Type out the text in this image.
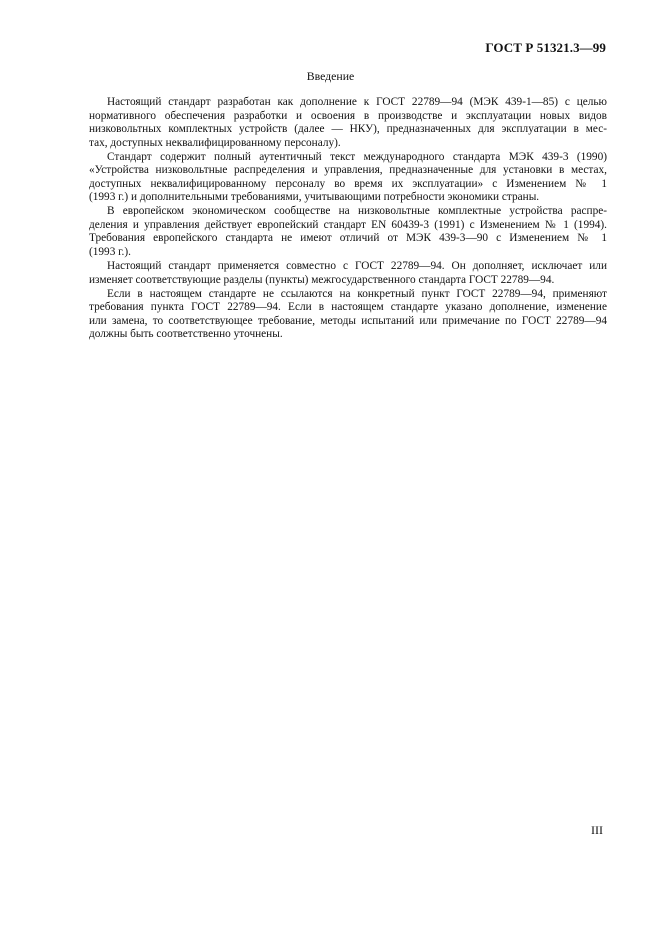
ГОСТ Р 51321.3—99
Введение
Настоящий стандарт разработан как дополнение к ГОСТ 22789—94 (МЭК 439-1—85) с целью
нормативного обеспечения разработки и освоения в производстве и эксплуатации новых видов
низковольтных комплектных устройств (далее — НКУ), предназначенных для эксплуатации в мес-
тах, доступных неквалифицированному персоналу).
Стандарт содержит полный аутентичный текст международного стандарта МЭК 439-3 (1990)
«Устройства низковольтные распределения и управления, предназначенные для установки в местах,
доступных неквалифицированному персоналу во время их эксплуатации» с Изменением № 1
(1993 г.) и дополнительными требованиями, учитывающими потребности экономики страны.
В европейском экономическом сообществе на низковольтные комплектные устройства распре-
деления и управления действует европейский стандарт EN 60439-3 (1991) с Изменением № 1 (1994).
Требования европейского стандарта не имеют отличий от МЭК 439-3—90 с Изменением № 1
(1993 г.).
Настоящий стандарт применяется совместно с ГОСТ 22789—94. Он дополняет, исключает или
изменяет соответствующие разделы (пункты) межгосударственного стандарта ГОСТ 22789—94.
Если в настоящем стандарте не ссылаются на конкретный пункт ГОСТ 22789—94, применяют
требования пункта ГОСТ 22789—94. Если в настоящем стандарте указано дополнение, изменение
или замена, то соответствующее требование, методы испытаний или примечание по ГОСТ 22789—94
должны быть соответственно уточнены.
III
